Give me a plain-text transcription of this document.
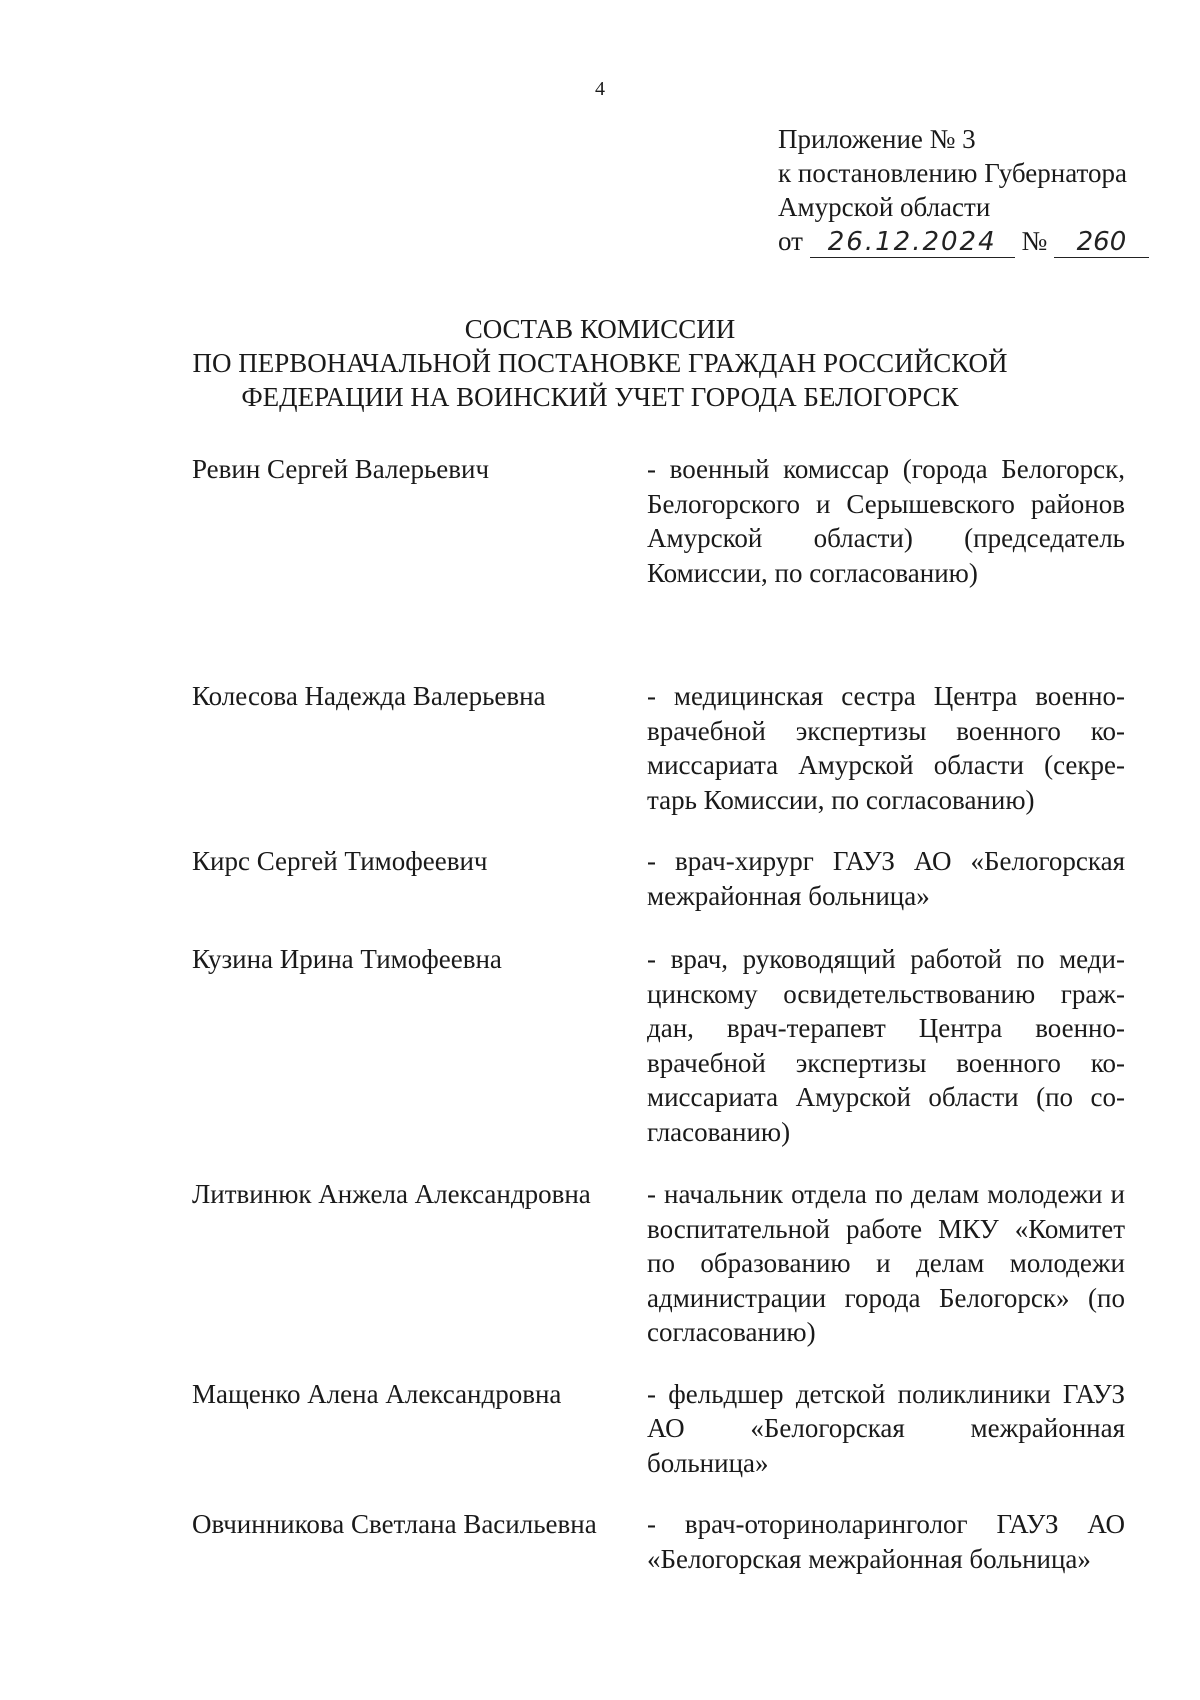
4
Приложение № 3
к постановлению Губернатора
Амурской области
от 26.12.2024 № 260
СОСТАВ КОМИССИИ
ПО ПЕРВОНАЧАЛЬНОЙ ПОСТАНОВКЕ ГРАЖДАН РОССИЙСКОЙ
ФЕДЕРАЦИИ НА ВОИНСКИЙ УЧЕТ ГОРОДА БЕЛОГОРСК
Ревин Сергей Валерьевич	- военный комиссар (города Белогорск, Белогорского и Серышевского районов Амурской области) (председатель Комиссии, по согласованию)
Колесова Надежда Валерьевна	- медицинская сестра Центра военно-врачебной экспертизы военного комиссариата Амурской области (секретарь Комиссии, по согласованию)
Кирс Сергей Тимофеевич	- врач-хирург ГАУЗ АО «Белогорская межрайонная больница»
Кузина Ирина Тимофеевна	- врач, руководящий работой по медицинскому освидетельствованию граждан, врач-терапевт Центра военно-врачебной экспертизы военного комиссариата Амурской области (по согласованию)
Литвинюк Анжела Александровна	- начальник отдела по делам молодежи и воспитательной работе МКУ «Комитет по образованию и делам молодежи администрации города Белогорск» (по согласованию)
Мащенко Алена Александровна	- фельдшер детской поликлиники ГАУЗ АО «Белогорская межрайонная больница»
Овчинникова Светлана Васильевна	- врач-оториноларинголог ГАУЗ АО «Белогорская межрайонная больница»
